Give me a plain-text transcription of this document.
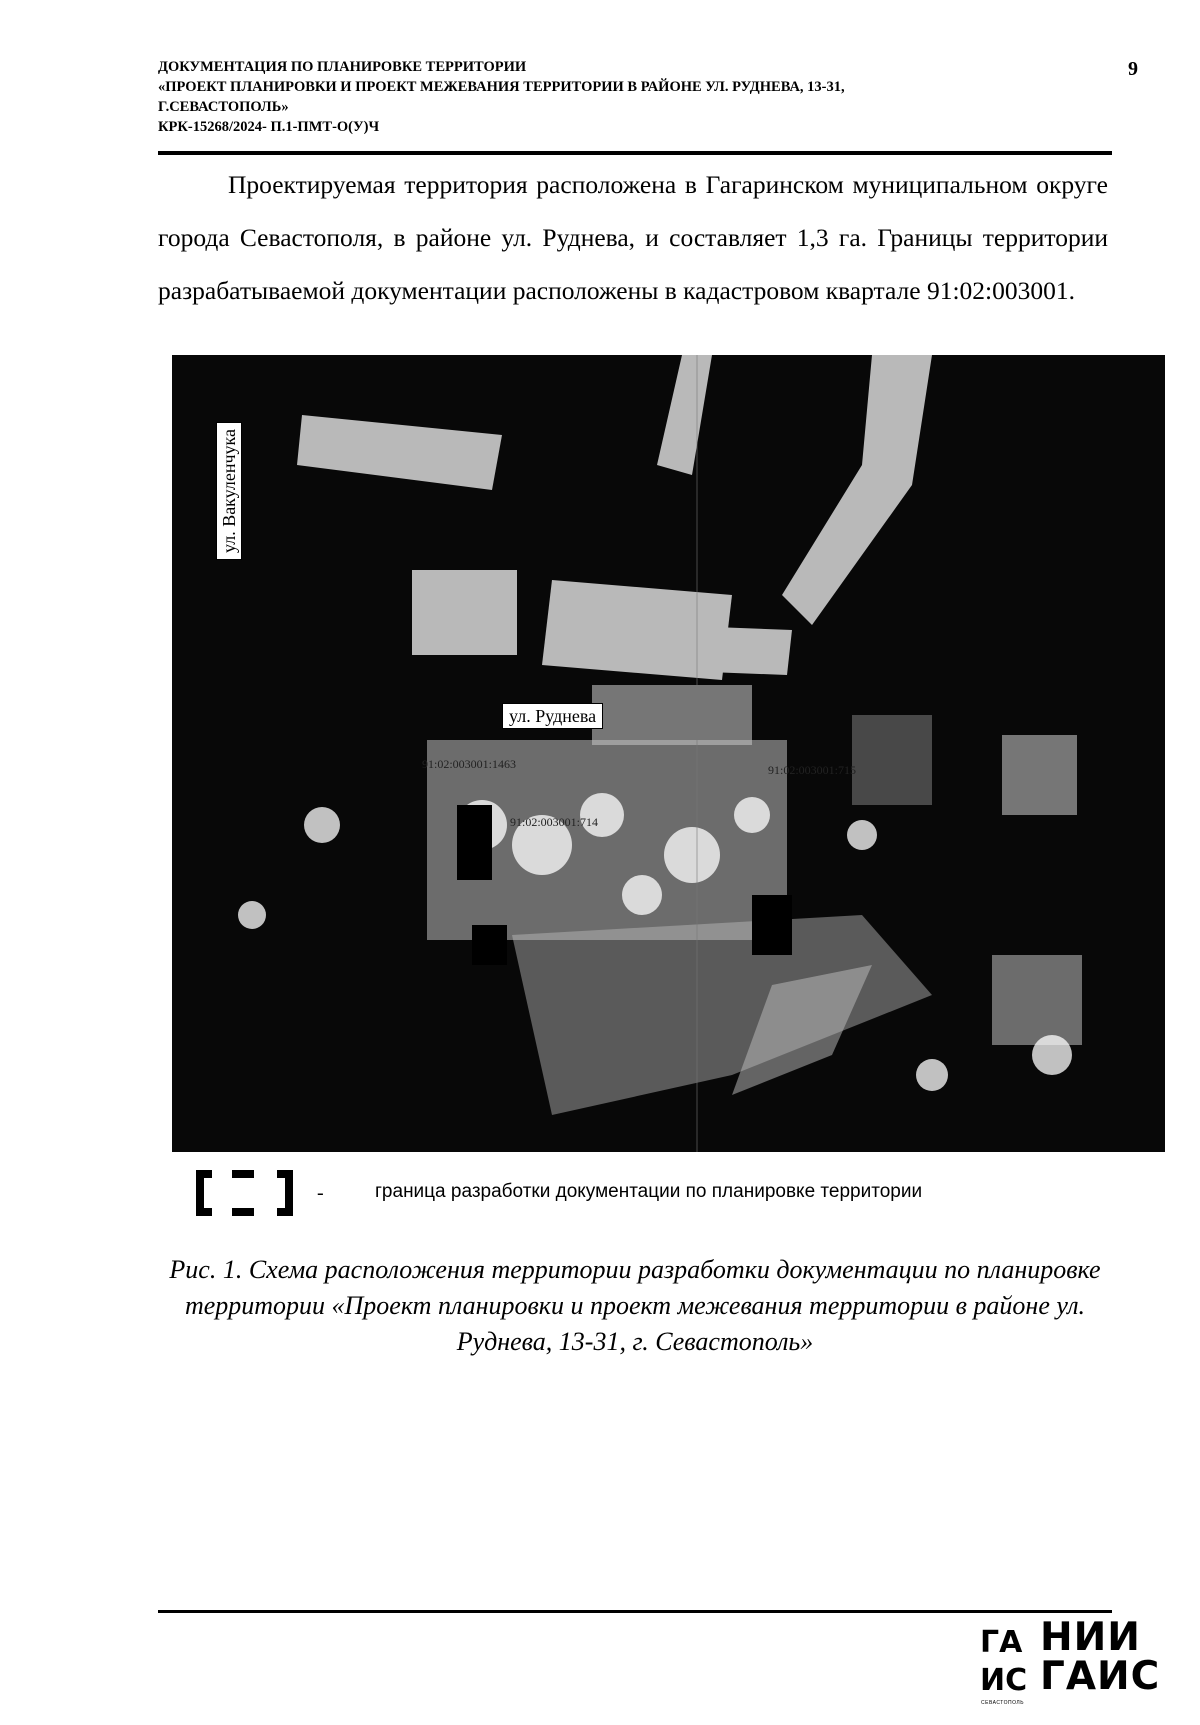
ДОКУМЕНТАЦИЯ ПО ПЛАНИРОВКЕ ТЕРРИТОРИИ
«ПРОЕКТ ПЛАНИРОВКИ И ПРОЕКТ МЕЖЕВАНИЯ ТЕРРИТОРИИ В РАЙОНЕ УЛ. РУДНЕВА, 13-31,
Г.СЕВАСТОПОЛЬ»
КРК-15268/2024- П.1-ПМТ-О(У)Ч
9

Проектируемая территория расположена в Гагаринском муниципальном округе города Севастополя, в районе ул. Руднева, и составляет 1,3 га. Границы территории разрабатываемой документации расположены в кадастровом квартале 91:02:003001.

ул. Вакуленчука
ул. Руднева
91:02:003001:1463	91:02:003001:715
91:02:003001:714
-	граница разработки документации по планировке территории
Рис. 1. Схема расположения территории разработки документации по планировке территории «Проект планировки и проект межевания территории в районе ул. Руднева, 13-31, г. Севастополь»
ГА
ИС
НИИ
ГАИС
СЕВАСТОПОЛЬ
